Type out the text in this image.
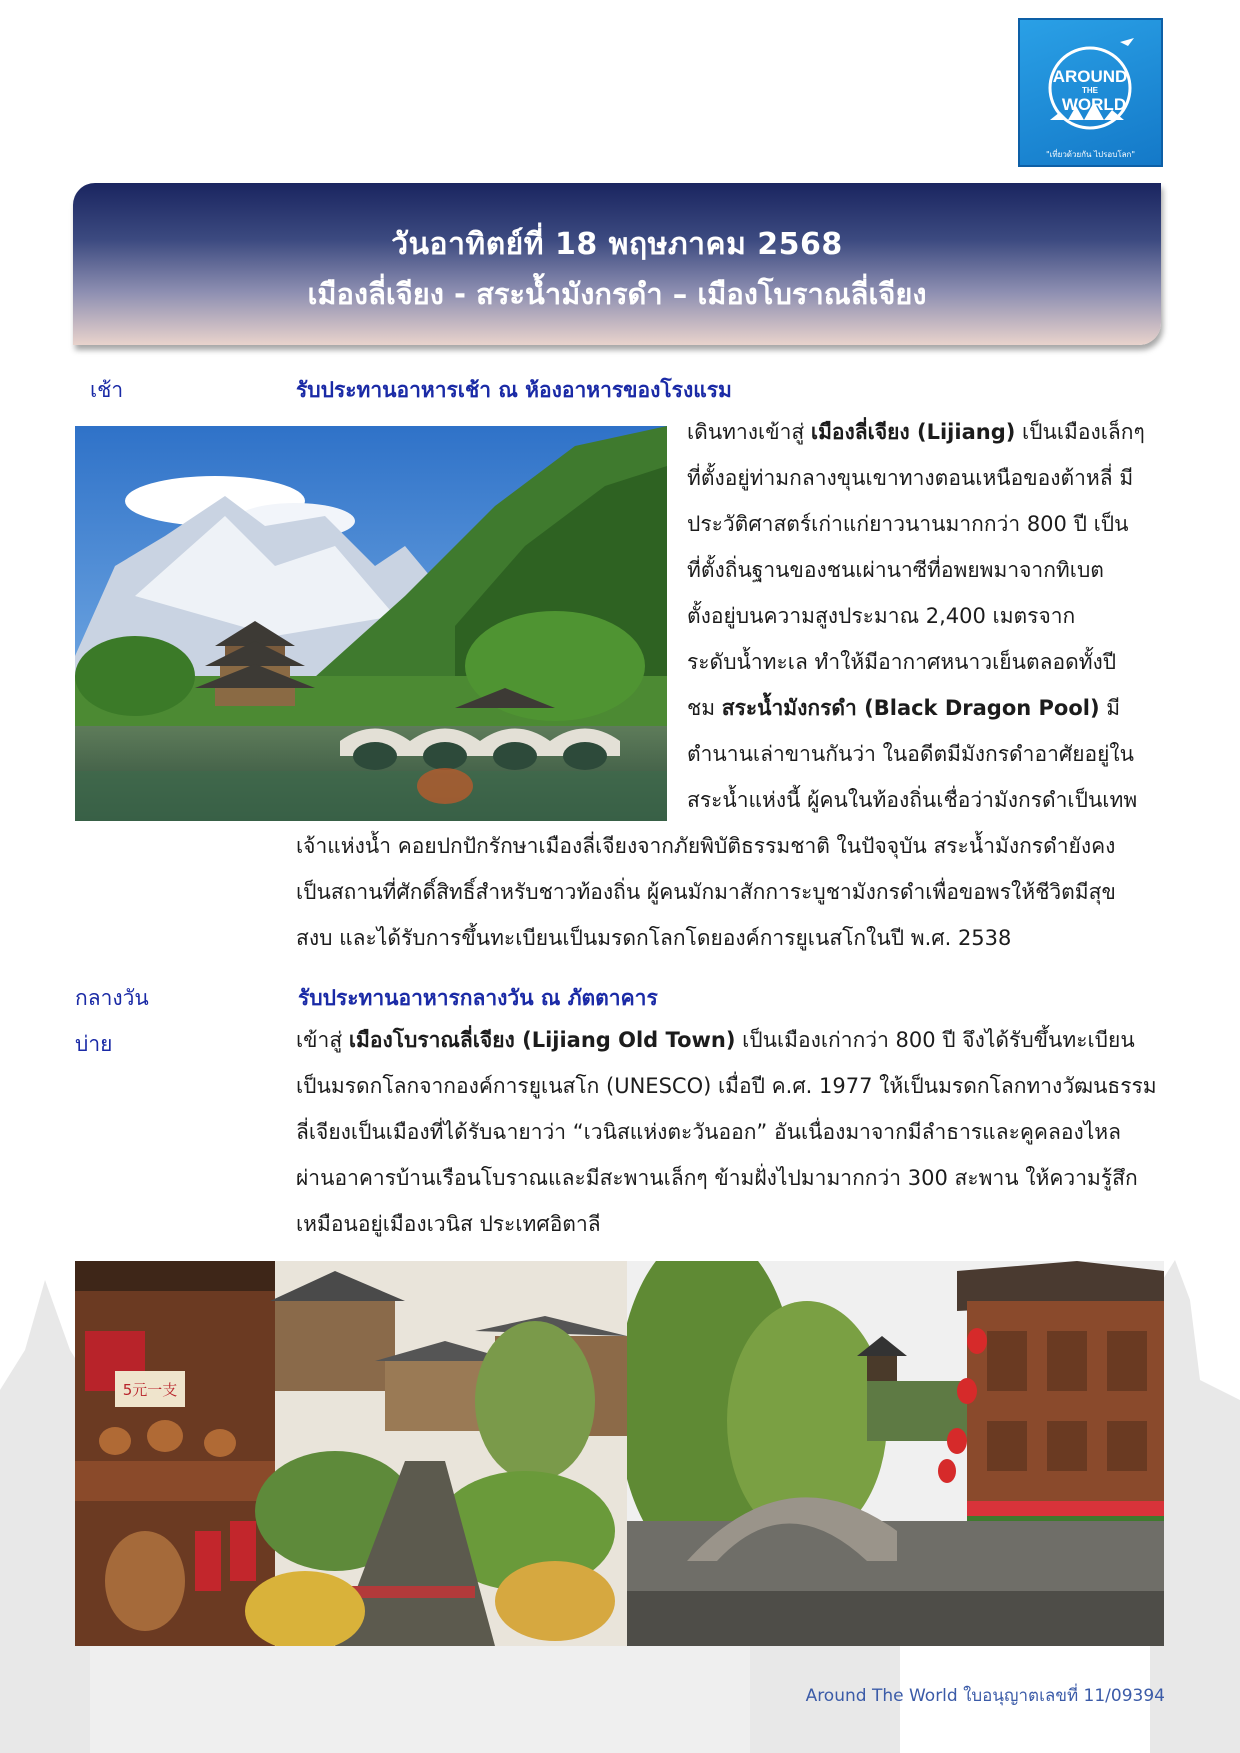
AROUND
THE
WORLD
"เที่ยวด้วยกัน ไปรอบโลก"
วันอาทิตย์ที่ 18 พฤษภาคม 2568
เมืองลี่เจียง - สระน้ำมังกรดำ – เมืองโบราณลี่เจียง
เช้า	รับประทานอาหารเช้า ณ ห้องอาหารของโรงแรม
เดินทางเข้าสู่ เมืองลี่เจียง (Lijiang) เป็นเมืองเล็กๆ
ที่ตั้งอยู่ท่ามกลางขุนเขาทางตอนเหนือของต้าหลี่ มี
ประวัติศาสตร์เก่าแก่ยาวนานมากกว่า 800 ปี เป็น
ที่ตั้งถิ่นฐานของชนเผ่านาซีที่อพยพมาจากทิเบต
ตั้งอยู่บนความสูงประมาณ 2,400 เมตรจาก
ระดับน้ำทะเล ทำให้มีอากาศหนาวเย็นตลอดทั้งปี
ชม สระน้ำมังกรดำ (Black Dragon Pool) มี
ตำนานเล่าขานกันว่า ในอดีตมีมังกรดำอาศัยอยู่ใน
สระน้ำแห่งนี้ ผู้คนในท้องถิ่นเชื่อว่ามังกรดำเป็นเทพ
เจ้าแห่งน้ำ คอยปกปักรักษาเมืองลี่เจียงจากภัยพิบัติธรรมชาติ ในปัจจุบัน สระน้ำมังกรดำยังคง
เป็นสถานที่ศักดิ์สิทธิ์สำหรับชาวท้องถิ่น ผู้คนมักมาสักการะบูชามังกรดำเพื่อขอพรให้ชีวิตมีสุข
สงบ และได้รับการขึ้นทะเบียนเป็นมรดกโลกโดยองค์การยูเนสโกในปี พ.ศ. 2538
กลางวัน	รับประทานอาหารกลางวัน ณ ภัตตาคาร
บ่าย	เข้าสู่ เมืองโบราณลี่เจียง (Lijiang Old Town) เป็นเมืองเก่ากว่า 800 ปี จึงได้รับขึ้นทะเบียน
เป็นมรดกโลกจากองค์การยูเนสโก (UNESCO) เมื่อปี ค.ศ. 1977 ให้เป็นมรดกโลกทางวัฒนธรรม
ลี่เจียงเป็นเมืองที่ได้รับฉายาว่า “เวนิสแห่งตะวันออก” อันเนื่องมาจากมีลำธารและคูคลองไหล
ผ่านอาคารบ้านเรือนโบราณและมีสะพานเล็กๆ ข้ามฝั่งไปมามากกว่า 300 สะพาน ให้ความรู้สึก
เหมือนอยู่เมืองเวนิส ประเทศอิตาลี
5元一支
Around The World ใบอนุญาตเลขที่ 11/09394
